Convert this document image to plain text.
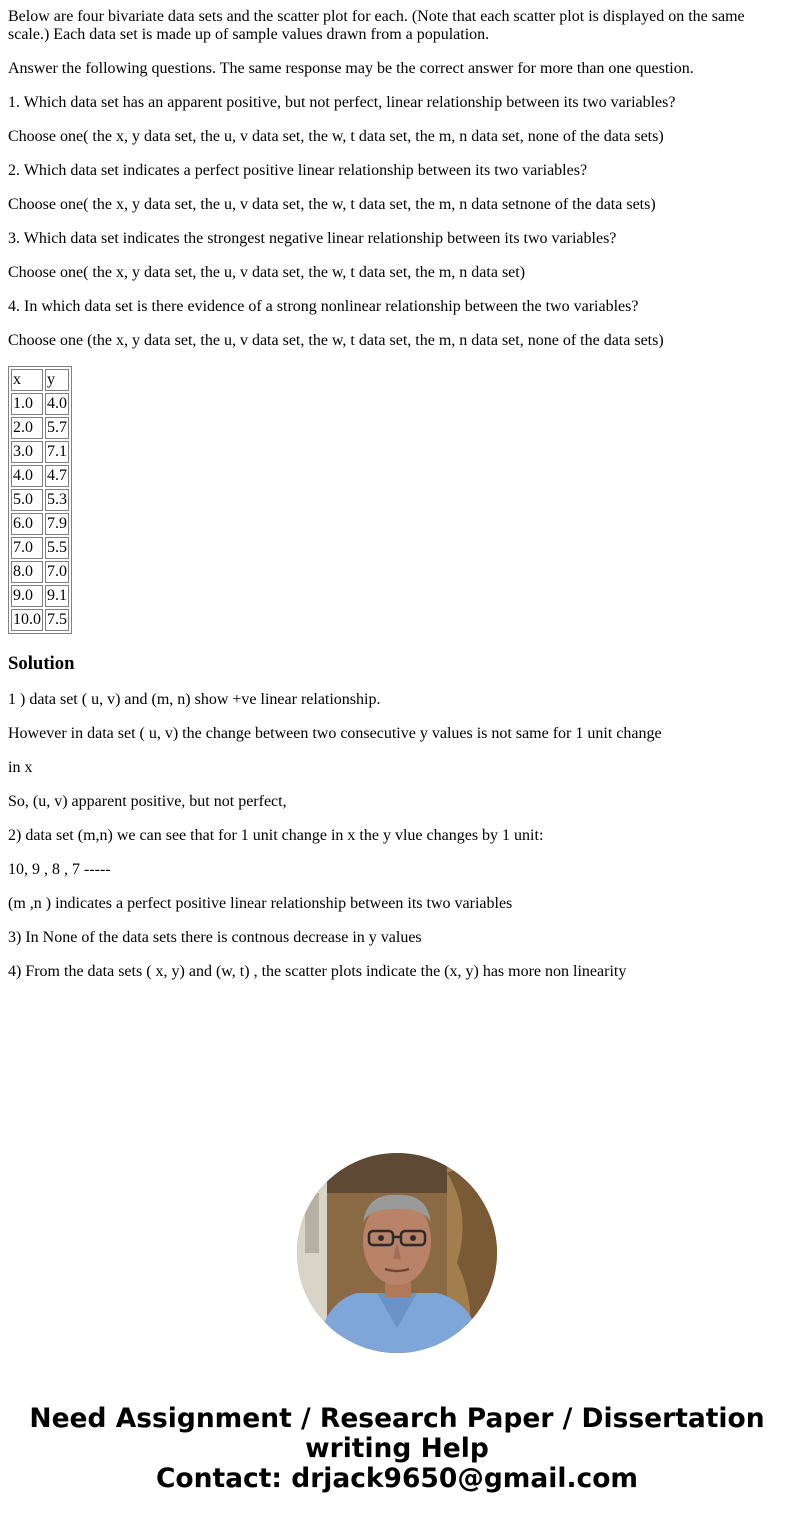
Below are four bivariate data sets and the scatter plot for each. (Note that each scatter plot is displayed on the same scale.) Each data set is made up of sample values drawn from a population.

Answer the following questions. The same response may be the correct answer for more than one question.

1. Which data set has an apparent positive, but not perfect, linear relationship between its two variables?

Choose one( the x, y data set, the u, v data set, the w, t data set, the m, n data set, none of the data sets)

2. Which data set indicates a perfect positive linear relationship between its two variables?

Choose one( the x, y data set, the u, v data set, the w, t data set, the m, n data setnone of the data sets)

3. Which data set indicates the strongest negative linear relationship between its two variables?

Choose one( the x, y data set, the u, v data set, the w, t data set, the m, n data set)

4. In which data set is there evidence of a strong nonlinear relationship between the two variables?

Choose one (the x, y data set, the u, v data set, the w, t data set, the m, n data set, none of the data sets)

x	y
1.0	4.0
2.0	5.7
3.0	7.1
4.0	4.7
5.0	5.3
6.0	7.9
7.0	5.5
8.0	7.0
9.0	9.1
10.0	7.5
Solution

1 ) data set ( u, v) and (m, n) show +ve linear relationship.

However in data set ( u, v) the change between two consecutive y values is not same for 1 unit change

in x

So, (u, v) apparent positive, but not perfect,

2) data set (m,n) we can see that for 1 unit change in x the y vlue changes by 1 unit:

10, 9 , 8 , 7 -----

(m ,n ) indicates a perfect positive linear relationship between its two variables

3) In None of the data sets there is contnous decrease in y values

4) From the data sets ( x, y) and (w, t) , the scatter plots indicate the (x, y) has more non linearity

Need Assignment / Research Paper / Dissertation
writing Help
Contact: drjack9650@gmail.com
